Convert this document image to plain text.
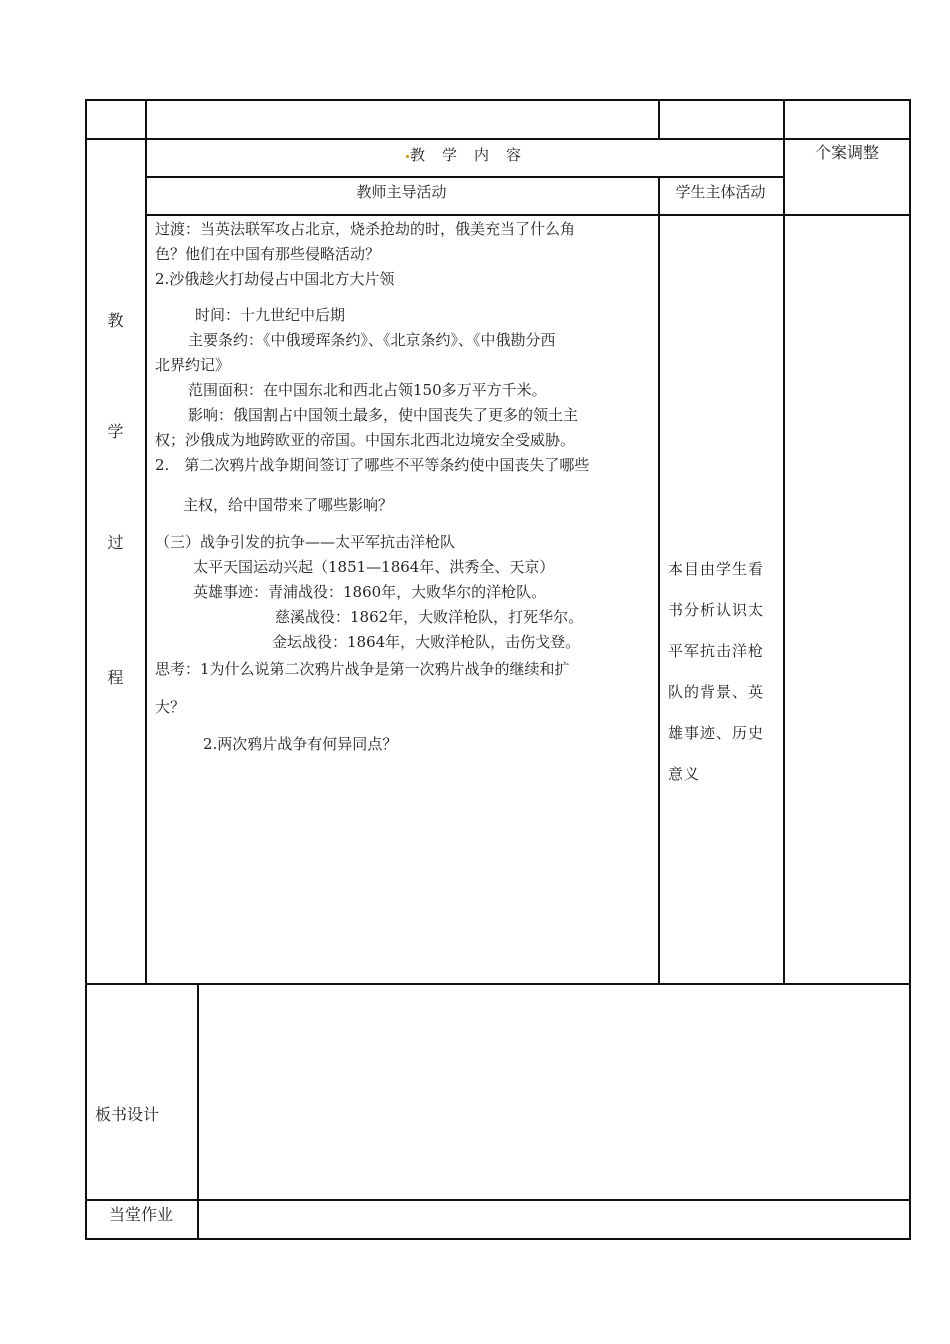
教　学　内　容	个案调整
教师主导活动	学生主体活动
教
学
过
程
过渡：当英法联军攻占北京，烧杀抢劫的时，俄美充当了什么角
色？他们在中国有那些侵略活动？
2.沙俄趁火打劫侵占中国北方大片领
时间：十九世纪中后期
主要条约：《中俄瑷珲条约》、《北京条约》、《中俄勘分西
北界约记》
范围面积：在中国东北和西北占领150多万平方千米。
影响：俄国割占中国领土最多，使中国丧失了更多的领土主
权；沙俄成为地跨欧亚的帝国。中国东北西北边境安全受威胁。
2.　第二次鸦片战争期间签订了哪些不平等条约使中国丧失了哪些
主权，给中国带来了哪些影响？
（三）战争引发的抗争——太平军抗击洋枪队
太平天国运动兴起（1851—1864年、洪秀全、天京）
英雄事迹：青浦战役：1860年，大败华尔的洋枪队。
慈溪战役：1862年，大败洋枪队，打死华尔。
金坛战役：1864年，大败洋枪队，击伤戈登。
思考：1为什么说第二次鸦片战争是第一次鸦片战争的继续和扩
大？
2.两次鸦片战争有何异同点？
本目由学生看书分析认识太平军抗击洋枪队的背景、英雄事迹、历史意义
板书设计
当堂作业
